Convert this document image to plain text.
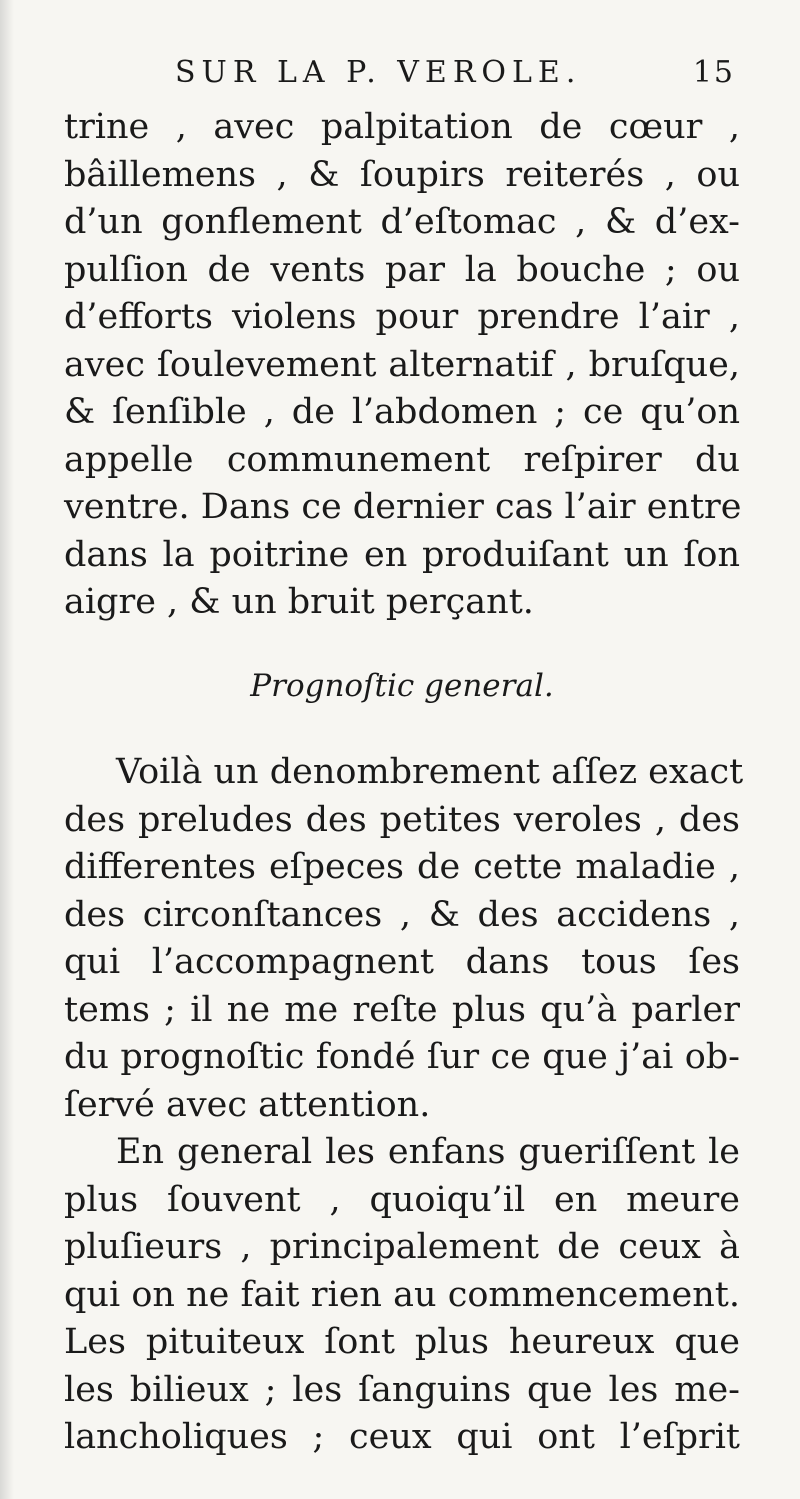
SUR LA P. VEROLE.	15
trine , avec palpitation de cœur ,
bâillemens , & ſoupirs reiterés , ou
d’un gonflement d’eſtomac , & d’ex-
pulſion de vents par la bouche ; ou
d’efforts violens pour prendre l’air ,
avec ſoulevement alternatif , bruſque,
& ſenſible , de l’abdomen ; ce qu’on
appelle communement reſpirer du
ventre. Dans ce dernier cas l’air entre
dans la poitrine en produiſant un ſon
aigre , & un bruit perçant.
Prognoſtic general.
Voilà un denombrement aſſez exact
des preludes des petites veroles , des
differentes eſpeces de cette maladie ,
des circonſtances , & des accidens ,
qui l’accompagnent dans tous ſes
tems ; il ne me reſte plus qu’à parler
du prognoſtic fondé ſur ce que j’ai ob-
ſervé avec attention.
En general les enfans gueriſſent le
plus ſouvent , quoiqu’il en meure
pluſieurs , principalement de ceux à
qui on ne fait rien au commencement.
Les pituiteux ſont plus heureux que
les bilieux ; les ſanguins que les me-
lancholiques ; ceux qui ont l’eſprit
